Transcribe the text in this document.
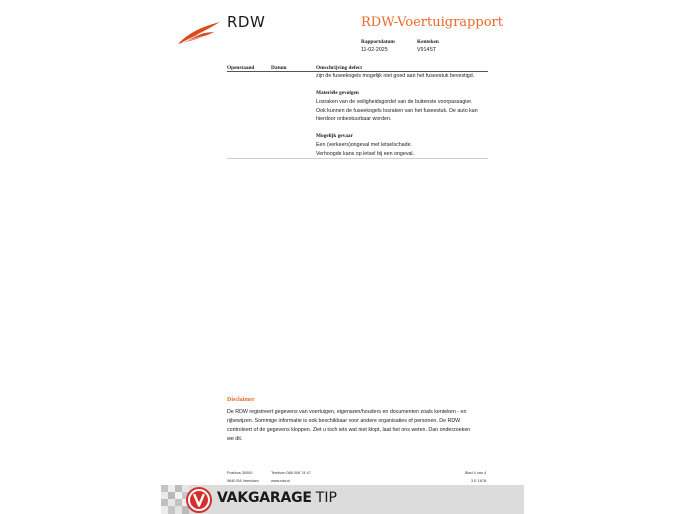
RDW	RDW-Voertuigrapport
Rapportdatum
11-02-2025
Kenteken
V914ST
Openstaand	Datum	Omschrijving defect
zijn de fuseekogels mogelijk niet goed aan het fuseestuk bevestigd.
Materiële gevolgen
Losraken van de veiligheidsgordel van de buitenste voorpassagier.
Ook kunnen de fuseekogels losraken van het fuseestuk. De auto kan
hierdoor onbestuurbaar worden.
Mogelijk gevaar
Een (verkeers)ongeval met letselschade.
Verhoogde kans op letsel bij een ongeval.
Disclaimer
De RDW registreert gegevens van voertuigen, eigenaren/houders en documenten zoals kenteken - en
rijbewijzen. Sommige informatie is ook beschikbaar voor andere organisaties of personen. De RDW
controleert of de gegevens kloppen. Ziet u toch iets wat niet klopt, laat het ons weten. Dan onderzoeken
we dit.
Postbus 30000
9640 RA Veendam
Telefoon 088 008 74 47
www.rdw.nl
Blad 4 van 4
3 E 1678
VAKGARAGE TIP
